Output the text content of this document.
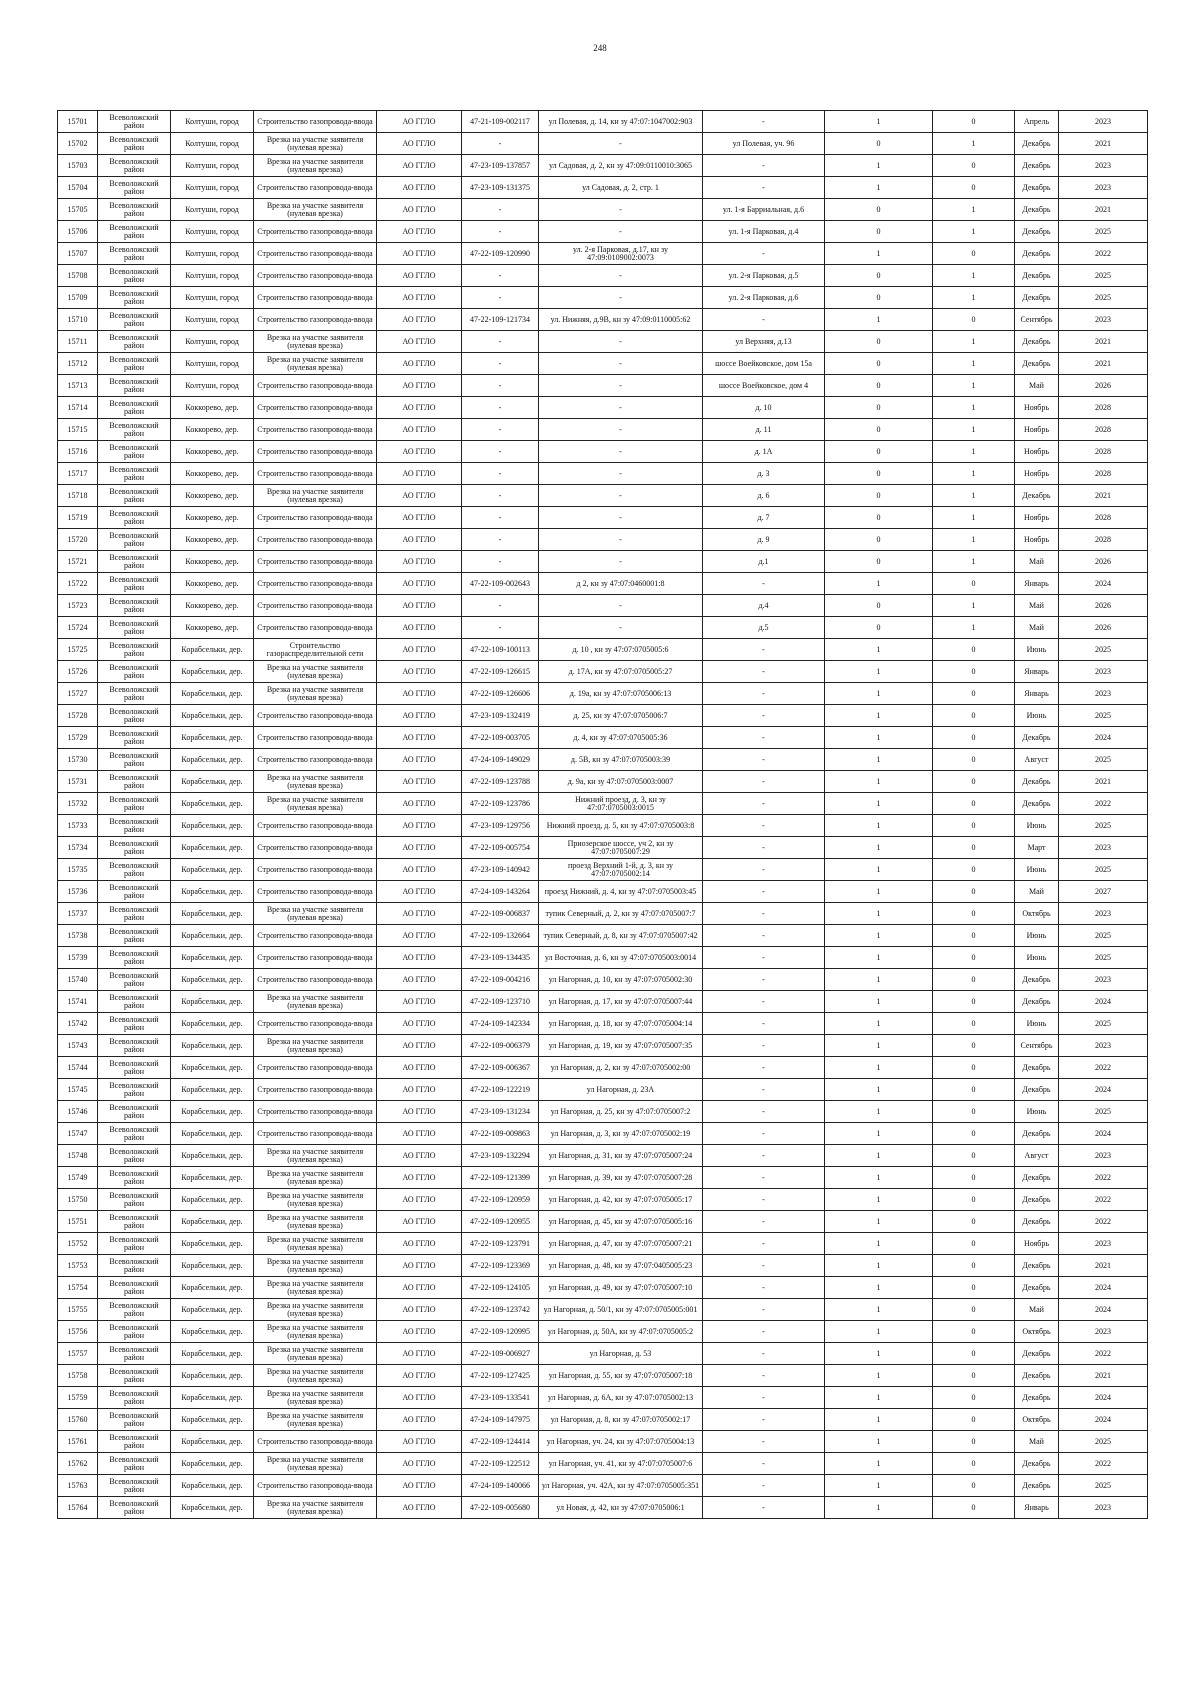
248
15701	Всеволожский район	Колтуши, город	Строительство газопровода-ввода	АО ГГЛО	47-21-109-002117	ул Полевая, д. 14, кн зу 47:07:1047002:903	-	1	0	Апрель	2023
15702	Всеволожский район	Колтуши, город	Врезка на участке заявителя (нулевая врезка)	АО ГГЛО	-	-	ул Полевая, уч. 96	0	1	Декабрь	2021
15703	Всеволожский район	Колтуши, город	Врезка на участке заявителя (нулевая врезка)	АО ГГЛО	47-23-109-137857	ул Садовая, д. 2, кн зу 47:09:0110010:3065	-	1	0	Декабрь	2023
15704	Всеволожский район	Колтуши, город	Строительство газопровода-ввода	АО ГГЛО	47-23-109-131375	ул Садовая, д. 2, стр. 1	-	1	0	Декабрь	2023
15705	Всеволожский район	Колтуши, город	Врезка на участке заявителя (нулевая врезка)	АО ГГЛО	-	-	ул. 1-я Барриальная, д.6	0	1	Декабрь	2021
15706	Всеволожский район	Колтуши, город	Строительство газопровода-ввода	АО ГГЛО	-	-	ул. 1-я Парковая, д.4	0	1	Декабрь	2025
15707	Всеволожский район	Колтуши, город	Строительство газопровода-ввода	АО ГГЛО	47-22-109-120990	ул. 2-я Парковая, д.17, кн зу 47:09:0109002:0073	-	1	0	Декабрь	2022
15708	Всеволожский район	Колтуши, город	Строительство газопровода-ввода	АО ГГЛО	-	-	ул. 2-я Парковая, д.5	0	1	Декабрь	2025
15709	Всеволожский район	Колтуши, город	Строительство газопровода-ввода	АО ГГЛО	-	-	ул. 2-я Парковая, д.6	0	1	Декабрь	2025
15710	Всеволожский район	Колтуши, город	Строительство газопровода-ввода	АО ГГЛО	47-22-109-121734	ул. Нижняя, д.9В, кн зу 47:09:0110005:62	-	1	0	Сентябрь	2023
15711	Всеволожский район	Колтуши, город	Врезка на участке заявителя (нулевая врезка)	АО ГГЛО	-	-	ул Верхняя, д.13	0	1	Декабрь	2021
15712	Всеволожский район	Колтуши, город	Врезка на участке заявителя (нулевая врезка)	АО ГГЛО	-	-	шоссе Воейковское, дом 15а	0	1	Декабрь	2021
15713	Всеволожский район	Колтуши, город	Строительство газопровода-ввода	АО ГГЛО	-	-	шоссе Воейковское, дом 4	0	1	Май	2026
15714	Всеволожский район	Коккорево, дер.	Строительство газопровода-ввода	АО ГГЛО	-	-	д. 10	0	1	Ноябрь	2028
15715	Всеволожский район	Коккорево, дер.	Строительство газопровода-ввода	АО ГГЛО	-	-	д. 11	0	1	Ноябрь	2028
15716	Всеволожский район	Коккорево, дер.	Строительство газопровода-ввода	АО ГГЛО	-	-	д. 1А	0	1	Ноябрь	2028
15717	Всеволожский район	Коккорево, дер.	Строительство газопровода-ввода	АО ГГЛО	-	-	д. 3	0	1	Ноябрь	2028
15718	Всеволожский район	Коккорево, дер.	Врезка на участке заявителя (нулевая врезка)	АО ГГЛО	-	-	д. 6	0	1	Декабрь	2021
15719	Всеволожский район	Коккорево, дер.	Строительство газопровода-ввода	АО ГГЛО	-	-	д. 7	0	1	Ноябрь	2028
15720	Всеволожский район	Коккорево, дер.	Строительство газопровода-ввода	АО ГГЛО	-	-	д. 9	0	1	Ноябрь	2028
15721	Всеволожский район	Коккорево, дер.	Строительство газопровода-ввода	АО ГГЛО	-	-	д.1	0	1	Май	2026
15722	Всеволожский район	Коккорево, дер.	Строительство газопровода-ввода	АО ГГЛО	47-22-109-002643	д 2, кн зу 47:07:0460001:8	-	1	0	Январь	2024
15723	Всеволожский район	Коккорево, дер.	Строительство газопровода-ввода	АО ГГЛО	-	-	д.4	0	1	Май	2026
15724	Всеволожский район	Коккорево, дер.	Строительство газопровода-ввода	АО ГГЛО	-	-	д.5	0	1	Май	2026
15725	Всеволожский район	Корабсельки, дер.	Строительство газораспределительной сети	АО ГГЛО	47-22-109-100113	д. 10 , кн зу 47:07:0705005:6	-	1	0	Июнь	2025
15726	Всеволожский район	Корабсельки, дер.	Врезка на участке заявителя (нулевая врезка)	АО ГГЛО	47-22-109-126615	д. 17А, кн зу 47:07:0705005:27	-	1	0	Январь	2023
15727	Всеволожский район	Корабсельки, дер.	Врезка на участке заявителя (нулевая врезка)	АО ГГЛО	47-22-109-126606	д. 19а, кн зу 47:07:0705006:13	-	1	0	Январь	2023
15728	Всеволожский район	Корабсельки, дер.	Строительство газопровода-ввода	АО ГГЛО	47-23-109-132419	д. 25, кн зу 47:07:0705006:7	-	1	0	Июнь	2025
15729	Всеволожский район	Корабсельки, дер.	Строительство газопровода-ввода	АО ГГЛО	47-22-109-003705	д. 4, кн зу 47:07:0705005:36	-	1	0	Декабрь	2024
15730	Всеволожский район	Корабсельки, дер.	Строительство газопровода-ввода	АО ГГЛО	47-24-109-149029	д. 5В, кн зу 47:07:0705003:39	-	1	0	Август	2025
15731	Всеволожский район	Корабсельки, дер.	Врезка на участке заявителя (нулевая врезка)	АО ГГЛО	47-22-109-123788	д. 9а, кн зу 47:07:0705003:0007	-	1	0	Декабрь	2021
15732	Всеволожский район	Корабсельки, дер.	Врезка на участке заявителя (нулевая врезка)	АО ГГЛО	47-22-109-123786	Нижний проезд, д. 3, кн зу 47:07:0705003:0015	-	1	0	Декабрь	2022
15733	Всеволожский район	Корабсельки, дер.	Строительство газопровода-ввода	АО ГГЛО	47-23-109-129756	Нижний проезд, д. 5, кн зу 47:07:0705003:8	-	1	0	Июнь	2025
15734	Всеволожский район	Корабсельки, дер.	Строительство газопровода-ввода	АО ГГЛО	47-22-109-005754	Приозерское шоссе, уч 2, кн зу 47:07:0705007:29	-	1	0	Март	2023
15735	Всеволожский район	Корабсельки, дер.	Строительство газопровода-ввода	АО ГГЛО	47-23-109-140942	проезд Верхний 1-й, д. 3, кн зу 47:07:0705002:14	-	1	0	Июнь	2025
15736	Всеволожский район	Корабсельки, дер.	Строительство газопровода-ввода	АО ГГЛО	47-24-109-143264	проезд Нижний, д. 4, кн зу 47:07:0705003:45	-	1	0	Май	2027
15737	Всеволожский район	Корабсельки, дер.	Врезка на участке заявителя (нулевая врезка)	АО ГГЛО	47-22-109-006837	тупик Северный, д. 2, кн зу 47:07:0705007:7	-	1	0	Октябрь	2023
15738	Всеволожский район	Корабсельки, дер.	Строительство газопровода-ввода	АО ГГЛО	47-22-109-132664	тупик Северный, д. 8, кн зу 47:07:0705007:42	-	1	0	Июнь	2025
15739	Всеволожский район	Корабсельки, дер.	Строительство газопровода-ввода	АО ГГЛО	47-23-109-134435	ул Восточная, д. 6, кн зу 47:07:0705003:0014	-	1	0	Июнь	2025
15740	Всеволожский район	Корабсельки, дер.	Строительство газопровода-ввода	АО ГГЛО	47-22-109-004216	ул Нагорная, д. 10, кн зу 47:07:0705002:30	-	1	0	Декабрь	2023
15741	Всеволожский район	Корабсельки, дер.	Врезка на участке заявителя (нулевая врезка)	АО ГГЛО	47-22-109-123710	ул Нагорная, д. 17, кн зу 47:07:0705007:44	-	1	0	Декабрь	2024
15742	Всеволожский район	Корабсельки, дер.	Строительство газопровода-ввода	АО ГГЛО	47-24-109-142334	ул Нагорная, д. 18, кн зу 47:07:0705004:14	-	1	0	Июнь	2025
15743	Всеволожский район	Корабсельки, дер.	Врезка на участке заявителя (нулевая врезка)	АО ГГЛО	47-22-109-006379	ул Нагорная, д. 19, кн зу 47:07:0705007:35	-	1	0	Сентябрь	2023
15744	Всеволожский район	Корабсельки, дер.	Строительство газопровода-ввода	АО ГГЛО	47-22-109-006367	ул Нагорная, д. 2, кн зу 47:07:0705002:00	-	1	0	Декабрь	2022
15745	Всеволожский район	Корабсельки, дер.	Строительство газопровода-ввода	АО ГГЛО	47-22-109-122219	ул Нагорная, д. 23А	-	1	0	Декабрь	2024
15746	Всеволожский район	Корабсельки, дер.	Строительство газопровода-ввода	АО ГГЛО	47-23-109-131234	ул Нагорная, д. 25, кн зу 47:07:0705007:2	-	1	0	Июнь	2025
15747	Всеволожский район	Корабсельки, дер.	Строительство газопровода-ввода	АО ГГЛО	47-22-109-009863	ул Нагорная, д. 3, кн зу 47:07:0705002:19	-	1	0	Декабрь	2024
15748	Всеволожский район	Корабсельки, дер.	Врезка на участке заявителя (нулевая врезка)	АО ГГЛО	47-23-109-132294	ул Нагорная, д. 31, кн зу 47:07:0705007:24	-	1	0	Август	2023
15749	Всеволожский район	Корабсельки, дер.	Врезка на участке заявителя (нулевая врезка)	АО ГГЛО	47-22-109-121399	ул Нагорная, д. 39, кн зу 47:07:0705007:28	-	1	0	Декабрь	2022
15750	Всеволожский район	Корабсельки, дер.	Врезка на участке заявителя (нулевая врезка)	АО ГГЛО	47-22-109-120959	ул Нагорная, д. 42, кн зу 47:07:0705005:17	-	1	0	Декабрь	2022
15751	Всеволожский район	Корабсельки, дер.	Врезка на участке заявителя (нулевая врезка)	АО ГГЛО	47-22-109-120955	ул Нагорная, д. 45, кн зу 47:07:0705005:16	-	1	0	Декабрь	2022
15752	Всеволожский район	Корабсельки, дер.	Врезка на участке заявителя (нулевая врезка)	АО ГГЛО	47-22-109-123791	ул Нагорная, д. 47, кн зу 47:07:0705007:21	-	1	0	Ноябрь	2023
15753	Всеволожский район	Корабсельки, дер.	Врезка на участке заявителя (нулевая врезка)	АО ГГЛО	47-22-109-123369	ул Нагорная, д. 48, кн зу 47:07:0405005:23	-	1	0	Декабрь	2021
15754	Всеволожский район	Корабсельки, дер.	Врезка на участке заявителя (нулевая врезка)	АО ГГЛО	47-22-109-124105	ул Нагорная, д. 49, кн зу 47:07:0705007:10	-	1	0	Декабрь	2024
15755	Всеволожский район	Корабсельки, дер.	Врезка на участке заявителя (нулевая врезка)	АО ГГЛО	47-22-109-123742	ул Нагорная, д. 50/1, кн зу 47:07:0705005:001	-	1	0	Май	2024
15756	Всеволожский район	Корабсельки, дер.	Врезка на участке заявителя (нулевая врезка)	АО ГГЛО	47-22-109-120995	ул Нагорная, д. 50А, кн зу 47:07:0705005:2	-	1	0	Октябрь	2023
15757	Всеволожский район	Корабсельки, дер.	Врезка на участке заявителя (нулевая врезка)	АО ГГЛО	47-22-109-006927	ул Нагорная, д. 53	-	1	0	Декабрь	2022
15758	Всеволожский район	Корабсельки, дер.	Врезка на участке заявителя (нулевая врезка)	АО ГГЛО	47-22-109-127425	ул Нагорная, д. 55, кн зу 47:07:0705007:18	-	1	0	Декабрь	2021
15759	Всеволожский район	Корабсельки, дер.	Врезка на участке заявителя (нулевая врезка)	АО ГГЛО	47-23-109-133541	ул Нагорная, д. 6А, кн зу 47:07:0705002:13	-	1	0	Декабрь	2024
15760	Всеволожский район	Корабсельки, дер.	Врезка на участке заявителя (нулевая врезка)	АО ГГЛО	47-24-109-147975	ул Нагорная, д. 8, кн зу 47:07:0705002:17	-	1	0	Октябрь	2024
15761	Всеволожский район	Корабсельки, дер.	Строительство газопровода-ввода	АО ГГЛО	47-22-109-124414	ул Нагорная, уч. 24, кн зу 47:07:0705004:13	-	1	0	Май	2025
15762	Всеволожский район	Корабсельки, дер.	Врезка на участке заявителя (нулевая врезка)	АО ГГЛО	47-22-109-122512	ул Нагорная, уч. 41, кн зу 47:07:0705007:6	-	1	0	Декабрь	2022
15763	Всеволожский район	Корабсельки, дер.	Строительство газопровода-ввода	АО ГГЛО	47-24-109-140066	ул Нагорная, уч. 42А, кн зу 47:07:0705005:351	-	1	0	Декабрь	2025
15764	Всеволожский район	Корабсельки, дер.	Врезка на участке заявителя (нулевая врезка)	АО ГГЛО	47-22-109-005680	ул Новая, д. 42, кн зу 47:07:0705006:1	-	1	0	Январь	2023
